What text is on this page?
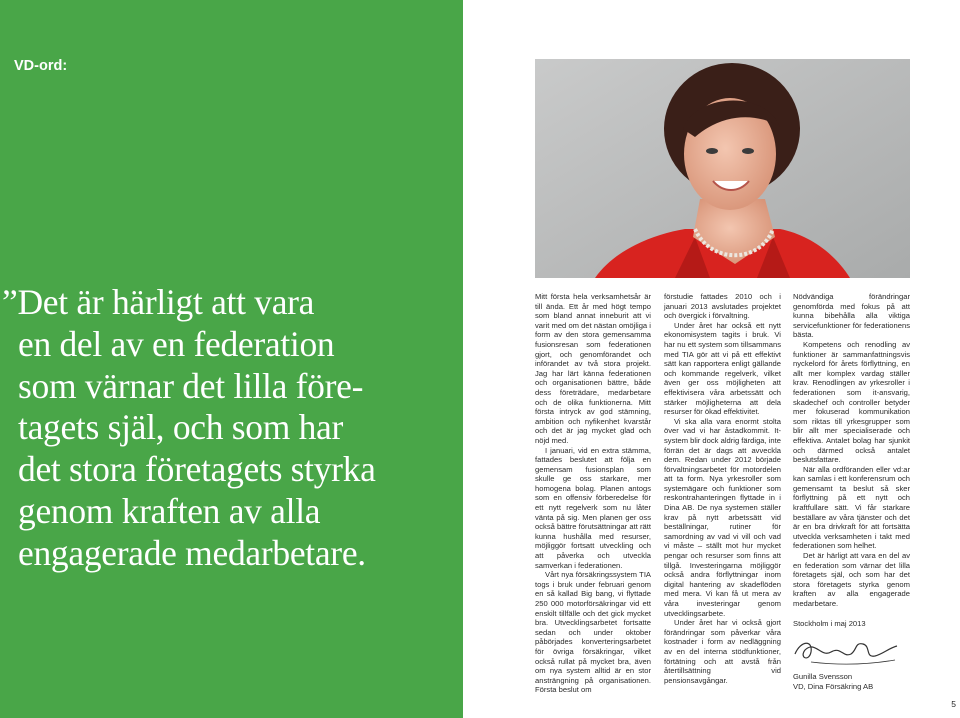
VD-ord:

”Det är härligt att vara
en del av en federation
som värnar det lilla före-
tagets själ, och som har
det stora företagets styrka
genom kraften av alla
engagerade medarbetare.

Mitt första hela verksamhetsår är till ända. Ett år med högt tempo som bland annat inneburit att vi varit med om det nästan omöjliga i form av den stora gemensamma fusionsresan som federationen gjort, och genomförandet och införandet av två stora projekt. Jag har lärt känna federationen och organisationen bättre, både dess företrädare, medarbetare och de olika funktionerna. Mitt första intryck av god stämning, ambition och nyfikenhet kvarstår och det är jag mycket glad och nöjd med.

I januari, vid en extra stämma, fattades beslutet att följa en gemensam fusionsplan som skulle ge oss starkare, mer homogena bolag. Planen antogs som en offensiv förberedelse för ett nytt regelverk som nu låter vänta på sig. Men planen ger oss också bättre förutsättningar att rätt kunna hushålla med resurser, möjliggör fortsatt utveckling och att påverka och utveckla samverkan i federationen.

Vårt nya försäkringssystem TIA togs i bruk under februari genom en så kallad Big bang, vi flyttade 250 000 motorförsäkringar vid ett enskilt tillfälle och det gick mycket bra. Utvecklingsarbetet fortsatte sedan och under oktober påbörjades konverteringsarbetet för övriga försäkringar, vilket också rullat på mycket bra, även om nya system alltid är en stor ansträngning på organisationen. Första beslut om

förstudie fattades 2010 och i januari 2013 avslutades projektet och övergick i förvaltning.

Under året har också ett nytt ekonomisystem tagits i bruk. Vi har nu ett system som tillsammans med TIA gör att vi på ett effektivt sätt kan rapportera enligt gällande och kommande regelverk, vilket även ger oss möjligheten att effektivisera våra arbetssätt och stärker möjligheterna att dela resurser för ökad effektivitet.

Vi ska alla vara enormt stolta över vad vi har åstadkommit. It-system blir dock aldrig färdiga, inte förrän det är dags att avveckla dem. Redan under 2012 började förvaltningsarbetet för motordelen att ta form. Nya yrkesroller som systemägare och funktioner som reskontrahanteringen flyttade in i Dina AB. De nya systemen ställer krav på nytt arbetssätt vid beställningar, rutiner för samordning av vad vi vill och vad vi måste – ställt mot hur mycket pengar och resurser som finns att tillgå. Investeringarna möjliggör också andra förflyttningar inom digital hantering av skadeflöden med mera. Vi kan få ut mera av våra investeringar genom utvecklingsarbete.

Under året har vi också gjort förändringar som påverkar våra kostnader i form av nedläggning av en del interna stödfunktioner, förtätning och att avstå från återtillsättning vid pensionsavgångar.

Nödvändiga förändringar genomförda med fokus på att kunna bibehålla alla viktiga servicefunktioner för federationens bästa.

Kompetens och renodling av funktioner är sammanfattningsvis nyckelord för årets förflyttning, en allt mer komplex vardag ställer krav. Renodlingen av yrkesroller i federationen som it-ansvarig, skadechef och controller betyder mer fokuserad kommunikation som riktas till yrkesgrupper som blir allt mer specialiserade och effektiva. Antalet bolag har sjunkit och därmed också antalet beslutsfattare.

När alla ordföranden eller vd:ar kan samlas i ett konferensrum och gemensamt ta beslut så sker förflyttning på ett nytt och kraftfullare sätt. Vi får starkare beställare av våra tjänster och det är en bra drivkraft för att fortsätta utveckla verksamheten i takt med federationen som helhet.

Det är härligt att vara en del av en federation som värnar det lilla företagets själ, och som har det stora företagets styrka genom kraften av alla engagerade medarbetare.

Stockholm i maj 2013

Gunilla Svensson

VD, Dina Försäkring AB

5
